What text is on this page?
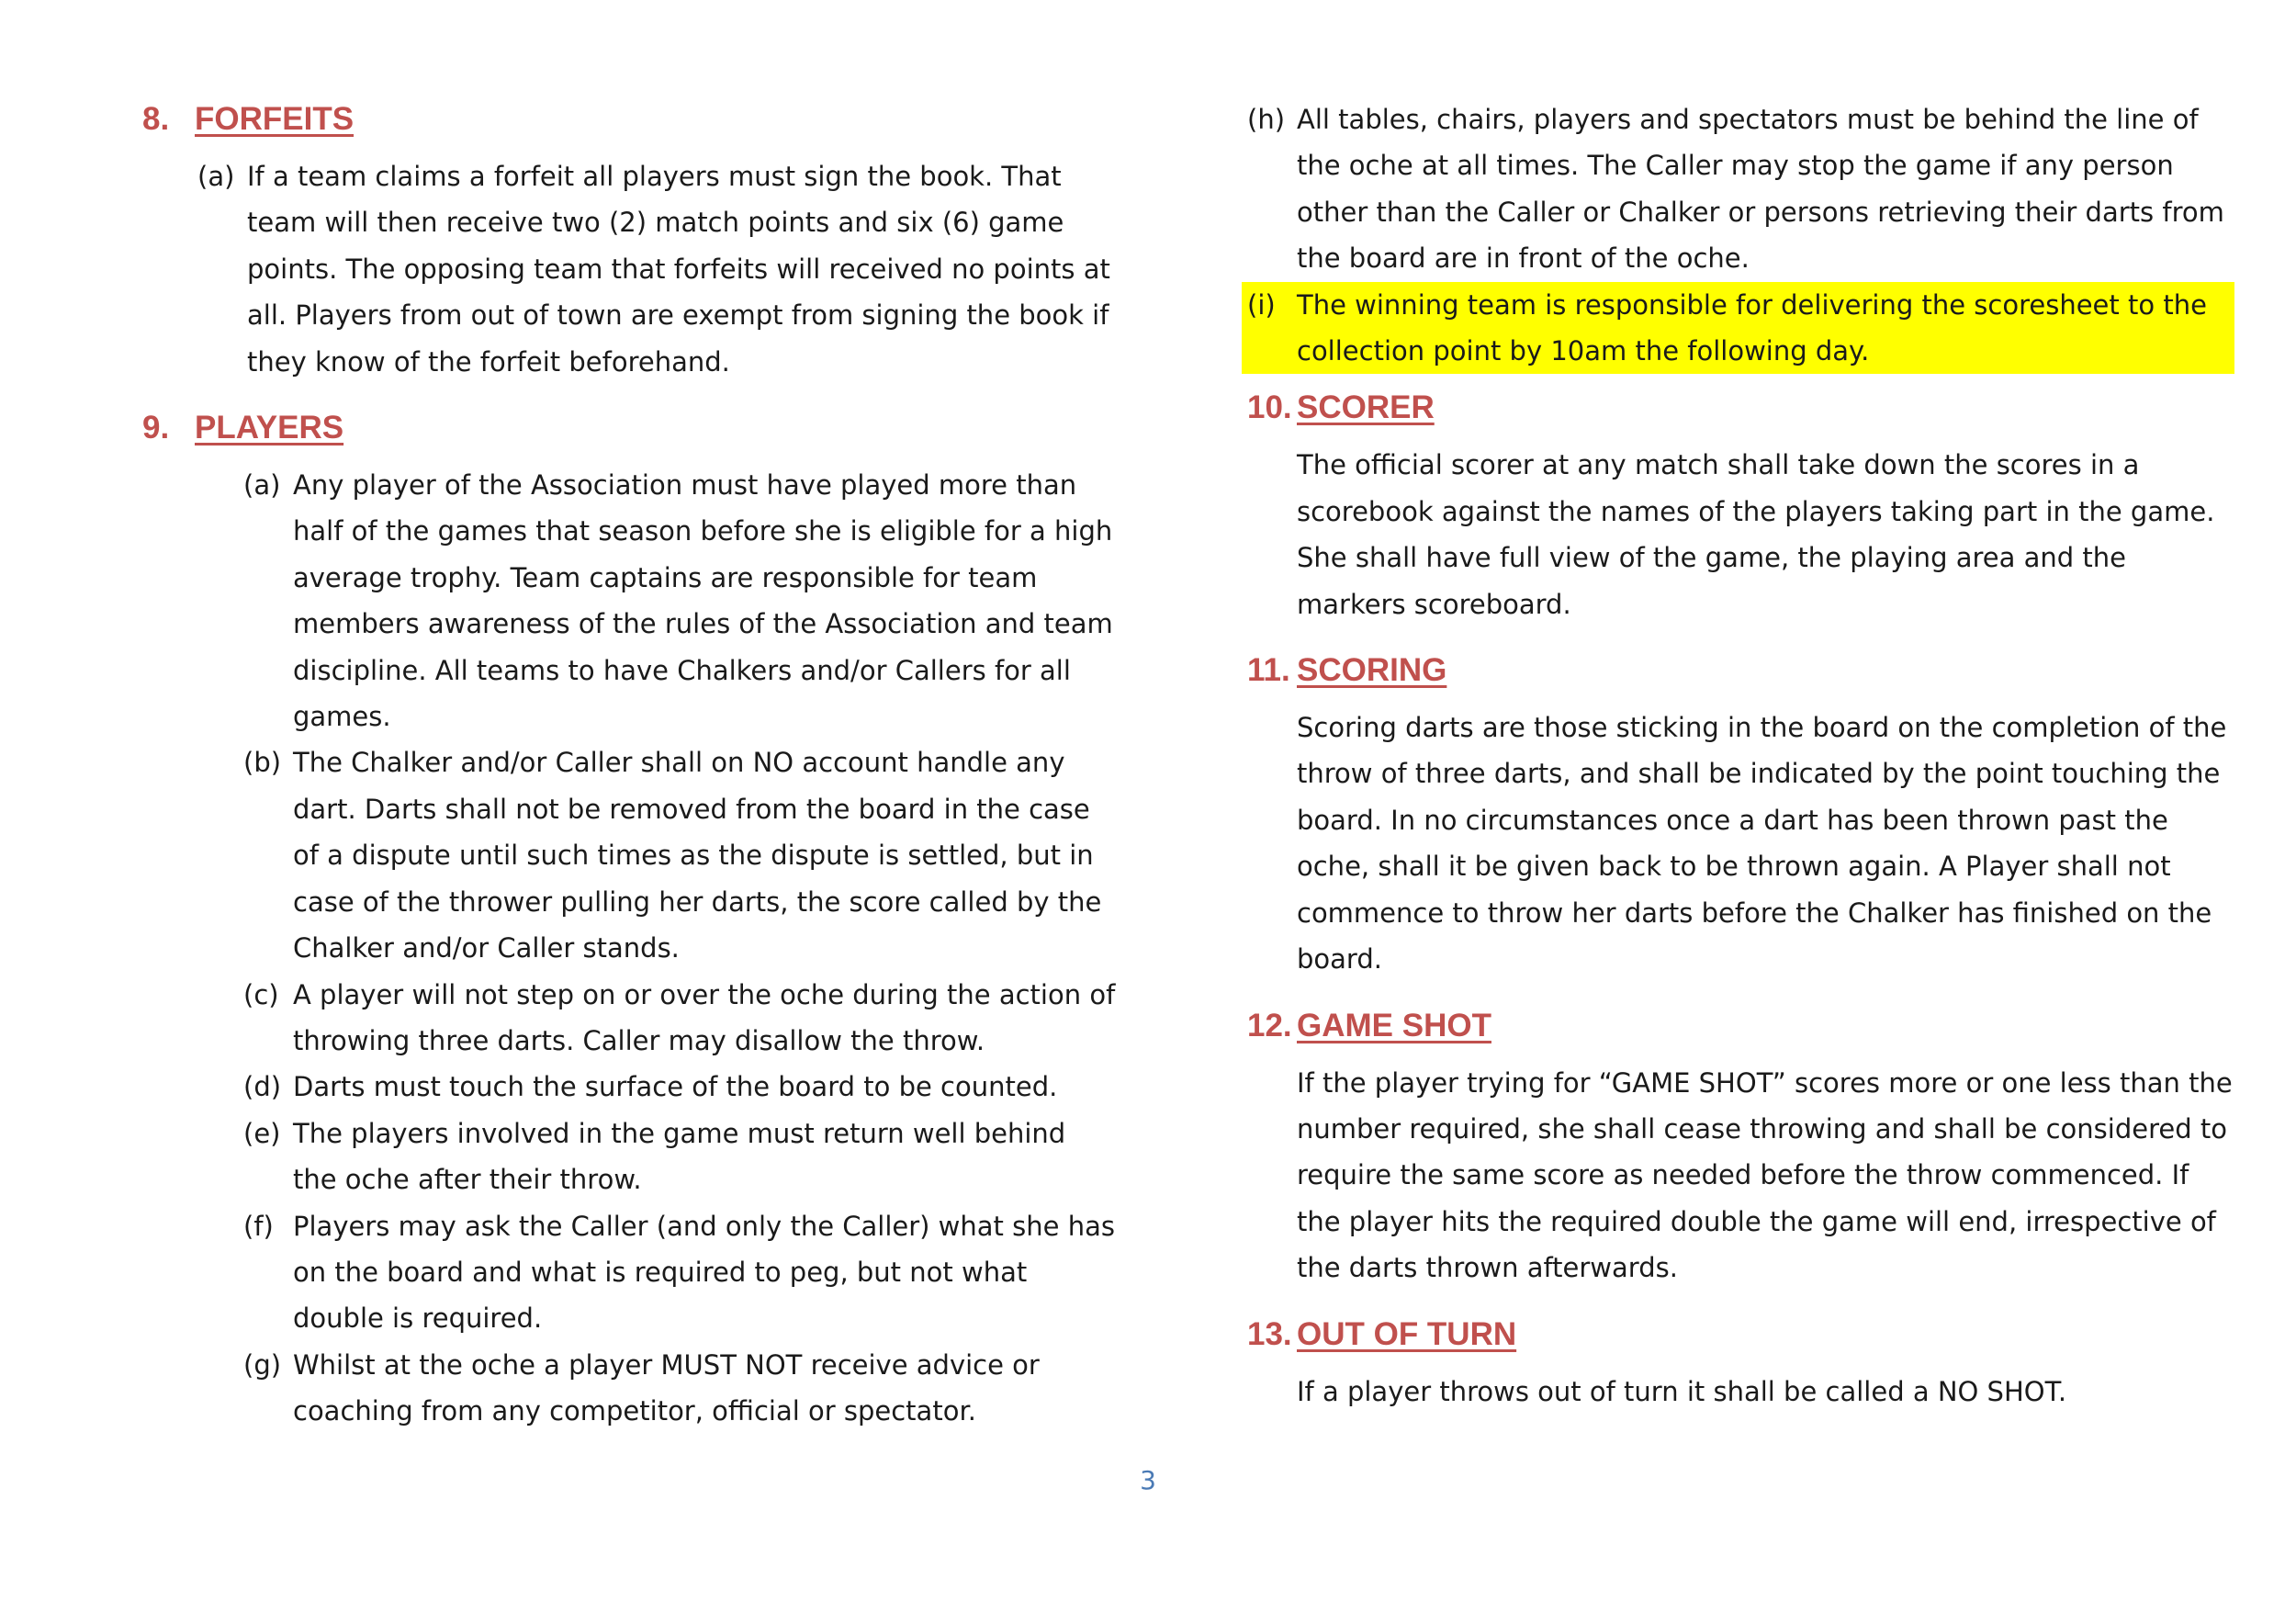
8. FORFEITS
(a) If a team claims a forfeit all players must sign the book. That team will then receive two (2) match points and six (6) game points. The opposing team that forfeits will received no points at all. Players from out of town are exempt from signing the book if they know of the forfeit beforehand.
9. PLAYERS
(a) Any player of the Association must have played more than half of the games that season before she is eligible for a high average trophy. Team captains are responsible for team members awareness of the rules of the Association and team discipline. All teams to have Chalkers and/or Callers for all games.
(b) The Chalker and/or Caller shall on NO account handle any dart. Darts shall not be removed from the board in the case of a dispute until such times as the dispute is settled, but in case of the thrower pulling her darts, the score called by the Chalker and/or Caller stands.
(c) A player will not step on or over the oche during the action of throwing three darts. Caller may disallow the throw.
(d) Darts must touch the surface of the board to be counted.
(e) The players involved in the game must return well behind the oche after their throw.
(f) Players may ask the Caller (and only the Caller) what she has on the board and what is required to peg, but not what double is required.
(g) Whilst at the oche a player MUST NOT receive advice or coaching from any competitor, official or spectator.
(h) All tables, chairs, players and spectators must be behind the line of the oche at all times. The Caller may stop the game if any person other than the Caller or Chalker or persons retrieving their darts from the board are in front of the oche.
(i) The winning team is responsible for delivering the scoresheet to the collection point by 10am the following day.
10. SCORER

The official scorer at any match shall take down the scores in a scorebook against the names of the players taking part in the game. She shall have full view of the game, the playing area and the markers scoreboard.

11. SCORING

Scoring darts are those sticking in the board on the completion of the throw of three darts, and shall be indicated by the point touching the board. In no circumstances once a dart has been thrown past the oche, shall it be given back to be thrown again. A Player shall not commence to throw her darts before the Chalker has finished on the board.

12. GAME SHOT

If the player trying for “GAME SHOT” scores more or one less than the number required, she shall cease throwing and shall be considered to require the same score as needed before the throw commenced. If the player hits the required double the game will end, irrespective of the darts thrown afterwards.

13. OUT OF TURN

If a player throws out of turn it shall be called a NO SHOT.

3
